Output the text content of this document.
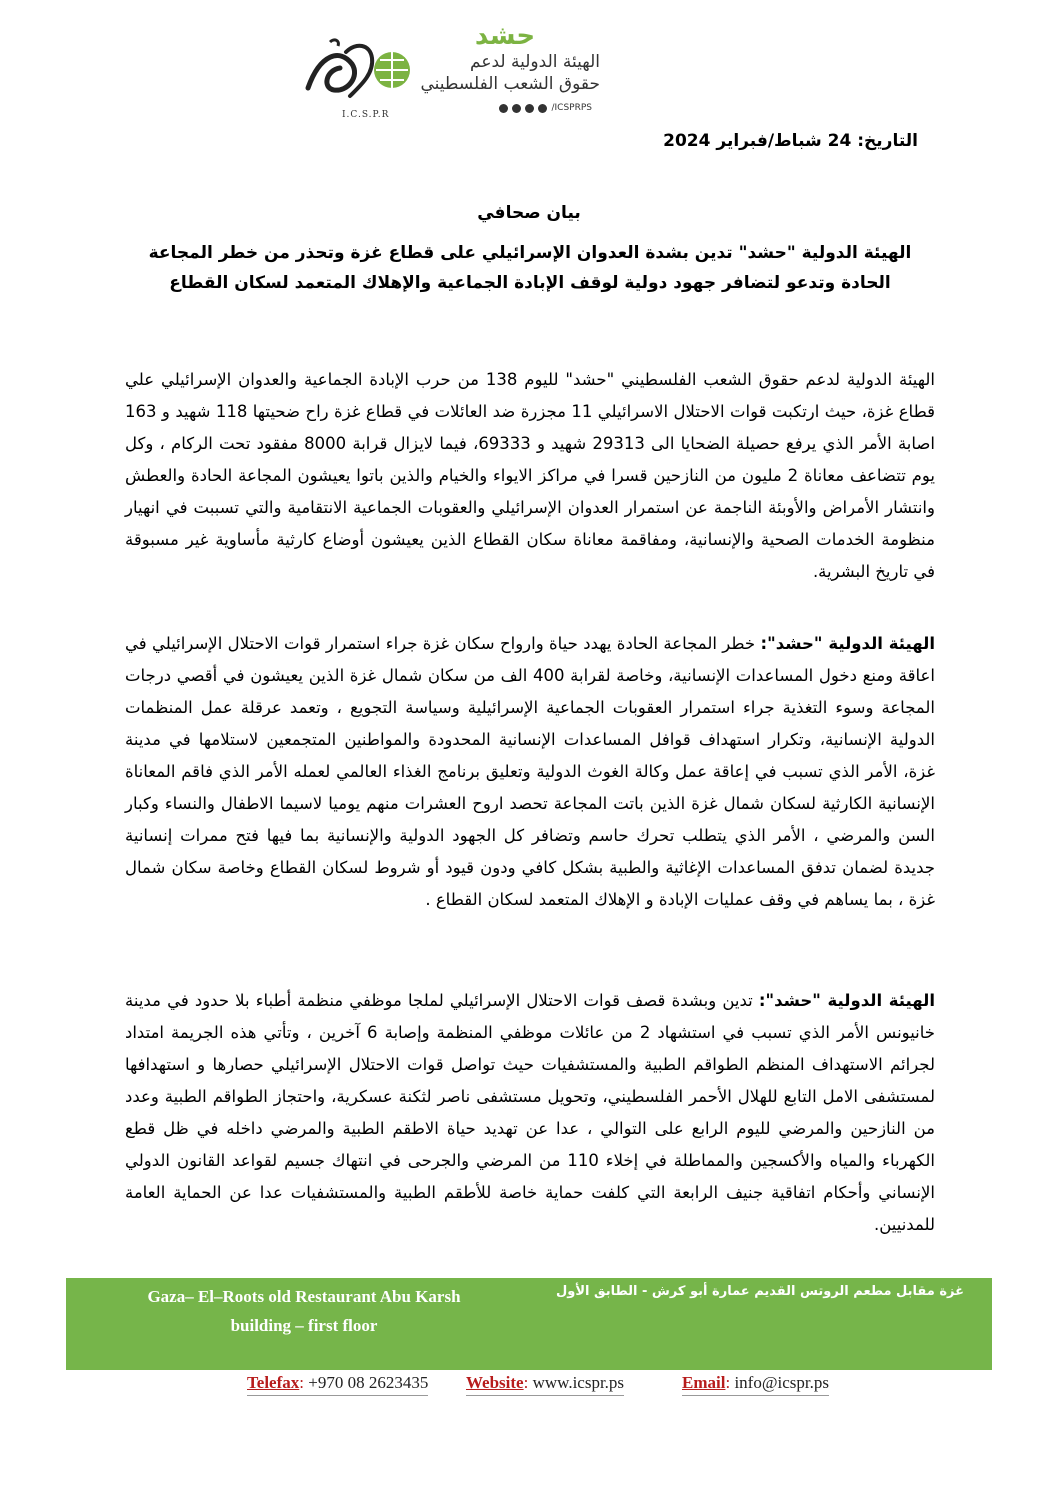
حشد
الهيئة الدولية لدعم
حقوق الشعب الفلسطيني
/ICSPRPS
I.C.S.P.R
التاريخ: 24 شباط/فبراير 2024
بيان صحافي
الهيئة الدولية "حشد" تدين بشدة العدوان الإسرائيلي على قطاع غزة وتحذر من خطر المجاعة الحادة وتدعو لتضافر جهود دولية لوقف الإبادة الجماعية والإهلاك المتعمد لسكان القطاع
الهيئة الدولية لدعم حقوق الشعب الفلسطيني "حشد" لليوم 138 من حرب الإبادة الجماعية والعدوان الإسرائيلي علي قطاع غزة، حيث ارتكبت قوات الاحتلال الاسرائيلي 11 مجزرة ضد العائلات في قطاع غزة راح ضحيتها 118 شهيد و 163 اصابة الأمر الذي يرفع حصيلة الضحايا الى 29313 شهيد و 69333، فيما لايزال قرابة 8000 مفقود تحت الركام ، وكل يوم تتضاعف معاناة 2 مليون من النازحين قسرا في مراكز الايواء والخيام والذين باتوا يعيشون المجاعة الحادة والعطش وانتشار الأمراض والأوبئة الناجمة عن استمرار العدوان الإسرائيلي والعقوبات الجماعية الانتقامية والتي تسببت في انهيار منظومة الخدمات الصحية والإنسانية، ومفاقمة معاناة سكان القطاع الذين يعيشون أوضاع كارثية مأساوية غير مسبوقة في تاريخ البشرية.
الهيئة الدولية "حشد": خطر المجاعة الحادة يهدد حياة وارواح سكان غزة جراء استمرار قوات الاحتلال الإسرائيلي في اعاقة ومنع دخول المساعدات الإنسانية، وخاصة لقرابة 400 الف من سكان شمال غزة الذين يعيشون في أقصي درجات المجاعة وسوء التغذية جراء استمرار العقوبات الجماعية الإسرائيلية وسياسة التجويع ، وتعمد عرقلة عمل المنظمات الدولية الإنسانية، وتكرار استهداف قوافل المساعدات الإنسانية المحدودة والمواطنين المتجمعين لاستلامها في مدينة غزة، الأمر الذي تسبب في إعاقة عمل وكالة الغوث الدولية وتعليق برنامج الغذاء العالمي لعمله الأمر الذي فاقم المعاناة الإنسانية الكارثية لسكان شمال غزة الذين باتت المجاعة تحصد اروح العشرات منهم يوميا لاسيما الاطفال والنساء وكبار السن والمرضي ، الأمر الذي يتطلب تحرك حاسم وتضافر كل الجهود الدولية والإنسانية بما فيها فتح ممرات إنسانية جديدة لضمان تدفق المساعدات الإغاثية والطبية بشكل كافي ودون قيود أو شروط لسكان القطاع وخاصة سكان شمال غزة ، بما يساهم في وقف عمليات الإبادة و الإهلاك المتعمد لسكان القطاع .
الهيئة الدولية "حشد": تدين وبشدة قصف قوات الاحتلال الإسرائيلي لملجا موظفي منظمة أطباء بلا حدود في مدينة خانيونس الأمر الذي تسبب في استشهاد 2 من عائلات موظفي المنظمة وإصابة 6 آخرين ، وتأتي هذه الجريمة امتداد لجرائم الاستهداف المنظم الطواقم الطبية والمستشفيات حيث تواصل قوات الاحتلال الإسرائيلي حصارها و استهدافها لمستشفى الامل التابع للهلال الأحمر الفلسطيني، وتحويل مستشفى ناصر لثكنة عسكرية، واحتجاز الطواقم الطبية وعدد من النازحين والمرضي لليوم الرابع على التوالي ، عدا عن تهديد حياة الاطقم الطبية والمرضي داخله في ظل قطع الكهرباء والمياه والأكسجين والمماطلة في إخلاء 110 من المرضي والجرحى في انتهاك جسيم لقواعد القانون الدولي الإنساني وأحكام اتفاقية جنيف الرابعة التي كلفت حماية خاصة للأطقم الطبية والمستشفيات عدا عن الحماية العامة للمدنيين.
Gaza– El–Roots old Restaurant Abu Karsh
building – first floor
غزة مقابل مطعم الروتس القديم عمارة أبو كرش - الطابق الأول
Telefax: +970 08 2623435 Website: www.icspr.ps	Email: info@icspr.ps
